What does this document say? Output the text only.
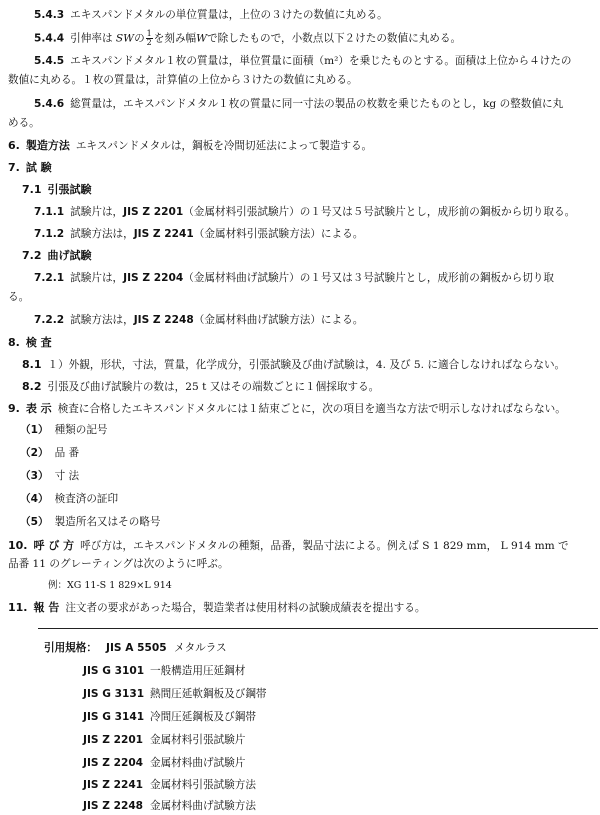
5.4.3 エキスパンドメタルの単位質量は，上位の３けたの数値に丸める。
5.4.4 引伸率は SWの $\frac{1}{2}$ を刻み幅Wで除したもので，小数点以下２けたの数値に丸める。
5.4.5 エキスパンドメタル１枚の質量は，単位質量に面積（m²）を乗じたものとする。面積は上位から４けたの
数値に丸める。１枚の質量は，計算値の上位から３けたの数値に丸める。
5.4.6 総質量は，エキスパンドメタル１枚の質量に同一寸法の製品の枚数を乗じたものとし，kg の整数値に丸
める。
6. 製造方法 エキスパンドメタルは，鋼板を冷間切延法によって製造する。
7. 試 験
7.1 引張試験
7.1.1 試験片は，JIS Z 2201（金属材料引張試験片）の１号又は５号試験片とし，成形前の鋼板から切り取る。
7.1.2 試験方法は，JIS Z 2241（金属材料引張試験方法）による。
7.2 曲げ試験
7.2.1 試験片は，JIS Z 2204（金属材料曲げ試験片）の１号又は３号試験片とし，成形前の鋼板から切り取
る。
7.2.2 試験方法は，JIS Z 2248（金属材料曲げ試験方法）による。
8. 検 査
8.1 １）外観，形状，寸法，質量，化学成分，引張試験及び曲げ試験は，4. 及び 5. に適合しなければならない。
8.2 引張及び曲げ試験片の数は，25 t 又はその端数ごとに１個採取する。
9. 表 示 検査に合格したエキスパンドメタルには１結束ごとに，次の項目を適当な方法で明示しなければならない。
（1） 種類の記号
（2） 品 番
（3） 寸 法
（4） 検査済の証印
（5） 製造所名又はその略号
10. 呼 び 方 呼び方は，エキスパンドメタルの種類，品番，製品寸法による。例えば S 1 829 mm， L 914 mm で
品番 11 のグレーティングは次のように呼ぶ。
例：XG 11-S 1 829×L 914
11. 報 告 注文者の要求があった場合，製造業者は使用材料の試験成績表を提出する。
引用規格： JIS A 5505 メタルラス
JIS G 3101 一般構造用圧延鋼材
JIS G 3131 熱間圧延軟鋼板及び鋼帯
JIS G 3141 冷間圧延鋼板及び鋼帯
JIS Z 2201 金属材料引張試験片
JIS Z 2204 金属材料曲げ試験片
JIS Z 2241 金属材料引張試験方法
JIS Z 2248 金属材料曲げ試験方法
